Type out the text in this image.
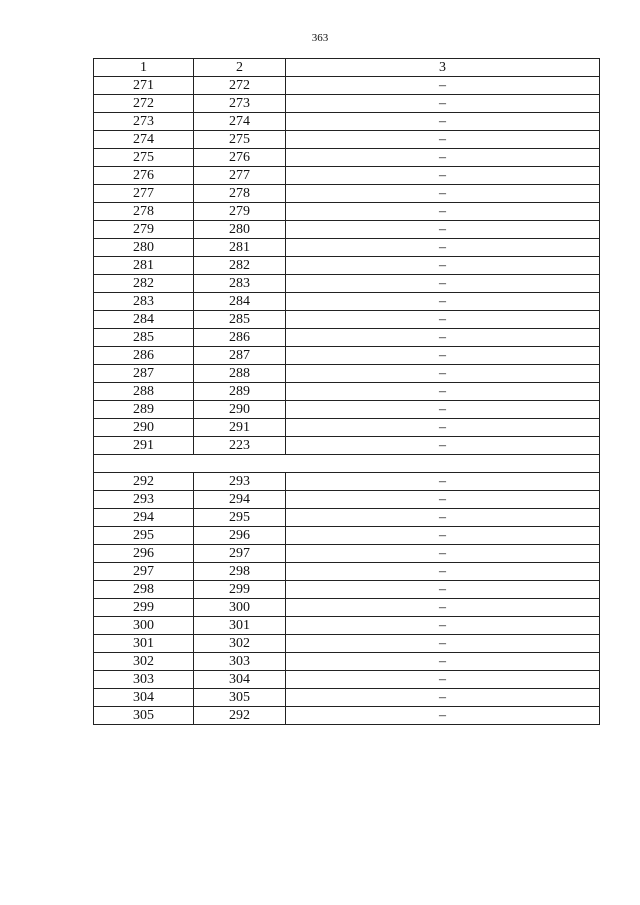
363
1	2	3
271	272	–
272	273	–
273	274	–
274	275	–
275	276	–
276	277	–
277	278	–
278	279	–
279	280	–
280	281	–
281	282	–
282	283	–
283	284	–
284	285	–
285	286	–
286	287	–
287	288	–
288	289	–
289	290	–
290	291	–
291	223	–

292	293	–
293	294	–
294	295	–
295	296	–
296	297	–
297	298	–
298	299	–
299	300	–
300	301	–
301	302	–
302	303	–
303	304	–
304	305	–
305	292	–
